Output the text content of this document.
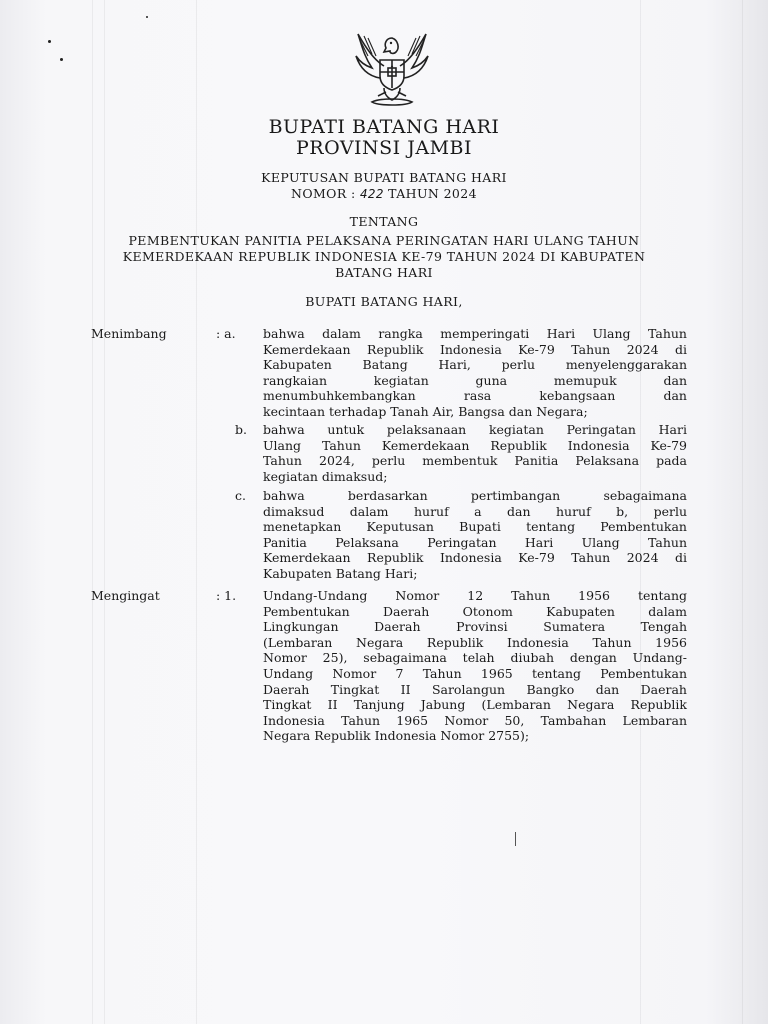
BUPATI BATANG HARI
PROVINSI JAMBI
KEPUTUSAN BUPATI BATANG HARI
NOMOR : 422 TAHUN 2024
TENTANG
PEMBENTUKAN PANITIA PELAKSANA PERINGATAN HARI ULANG TAHUN
KEMERDEKAAN REPUBLIK INDONESIA KE-79 TAHUN 2024 DI KABUPATEN
BATANG HARI
BUPATI BATANG HARI,
Menimbang	: a. bahwa dalam rangka memperingati Hari Ulang Tahun
Kemerdekaan Republik Indonesia Ke-79 Tahun 2024 di
Kabupaten Batang Hari, perlu menyelenggarakan
rangkaian kegiatan guna memupuk dan
menumbuhkembangkan rasa kebangsaan dan
kecintaan terhadap Tanah Air, Bangsa dan Negara;
b. bahwa untuk pelaksanaan kegiatan Peringatan Hari
Ulang Tahun Kemerdekaan Republik Indonesia Ke-79
Tahun 2024, perlu membentuk Panitia Pelaksana pada
kegiatan dimaksud;
c. bahwa berdasarkan pertimbangan sebagaimana
dimaksud dalam huruf a dan huruf b, perlu
menetapkan Keputusan Bupati tentang Pembentukan
Panitia Pelaksana Peringatan Hari Ulang Tahun
Kemerdekaan Republik Indonesia Ke-79 Tahun 2024 di
Kabupaten Batang Hari;
Mengingat	: 1. Undang-Undang Nomor 12 Tahun 1956 tentang
Pembentukan Daerah Otonom Kabupaten dalam
Lingkungan Daerah Provinsi Sumatera Tengah
(Lembaran Negara Republik Indonesia Tahun 1956
Nomor 25), sebagaimana telah diubah dengan Undang-
Undang Nomor 7 Tahun 1965 tentang Pembentukan
Daerah Tingkat II Sarolangun Bangko dan Daerah
Tingkat II Tanjung Jabung (Lembaran Negara Republik
Indonesia Tahun 1965 Nomor 50, Tambahan Lembaran
Negara Republik Indonesia Nomor 2755);
